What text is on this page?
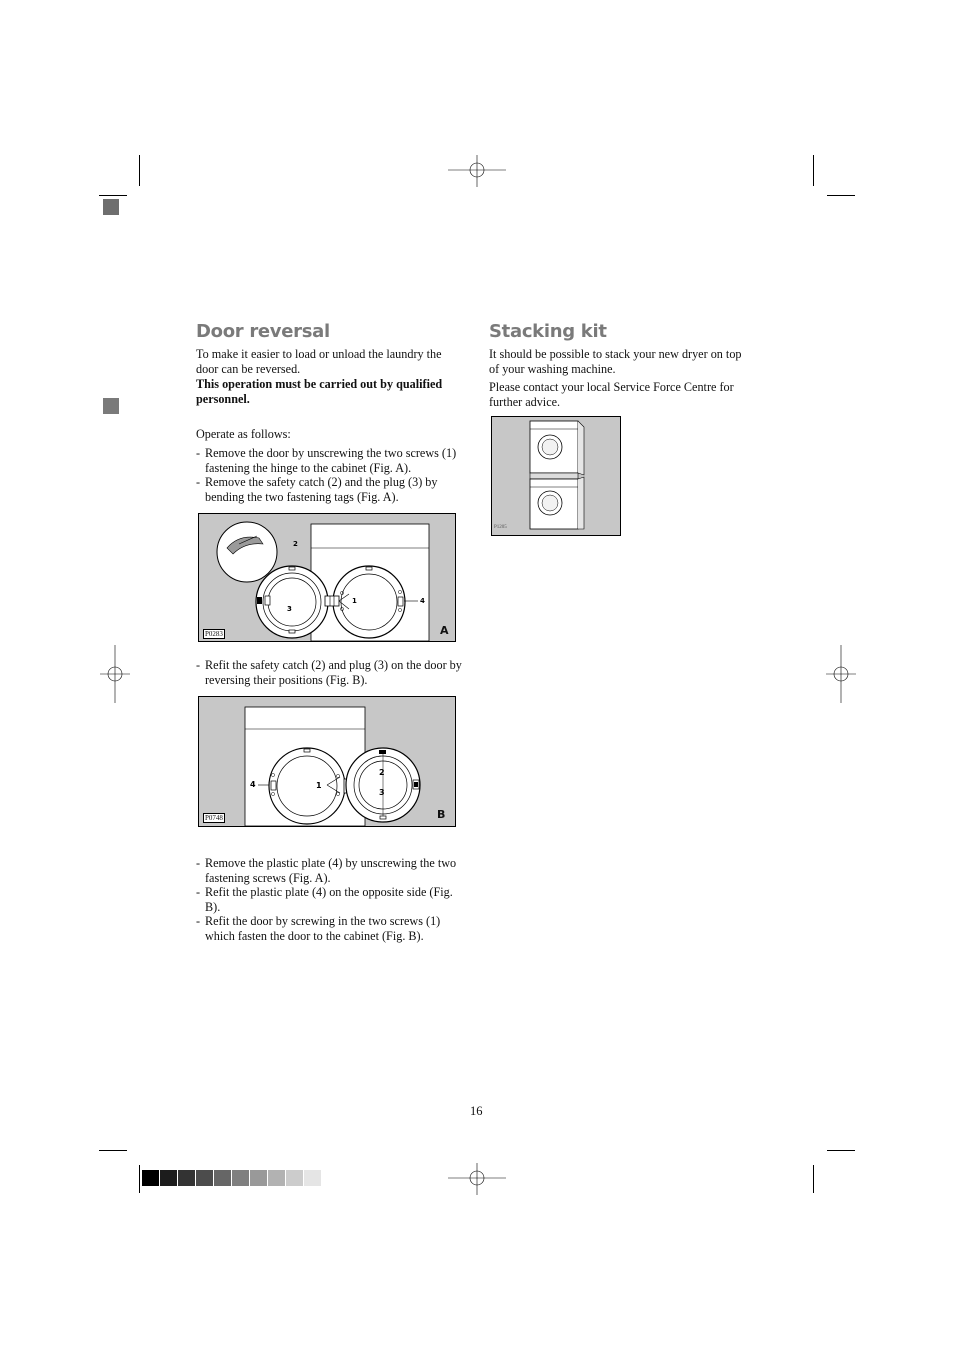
Door reversal
To make it easier to load or unload the laundry the door can be reversed.
This operation must be carried out by qualified personnel.
Operate as follows:
- Remove the door by unscrewing the two screws (1) fastening the hinge to the cabinet (Fig. A).
- Remove the safety catch (2) and the plug (3) by bending the two fastening tags (Fig. A).
2
3
1	4
P0283	A
- Refit the safety catch (2) and plug (3) on the door by reversing their positions (Fig. B).
4	1
2
3
P0748	B
- Remove the plastic plate (4) by unscrewing the two fastening screws (Fig. A).
- Refit the plastic plate (4) on the opposite side (Fig. B).
- Refit the door by screwing in the two screws (1) which fasten the door to the cabinet (Fig. B).
Stacking kit
It should be possible to stack your new dryer on top of your washing machine.
Please contact your local Service Force Centre for further advice.
P1205
16
